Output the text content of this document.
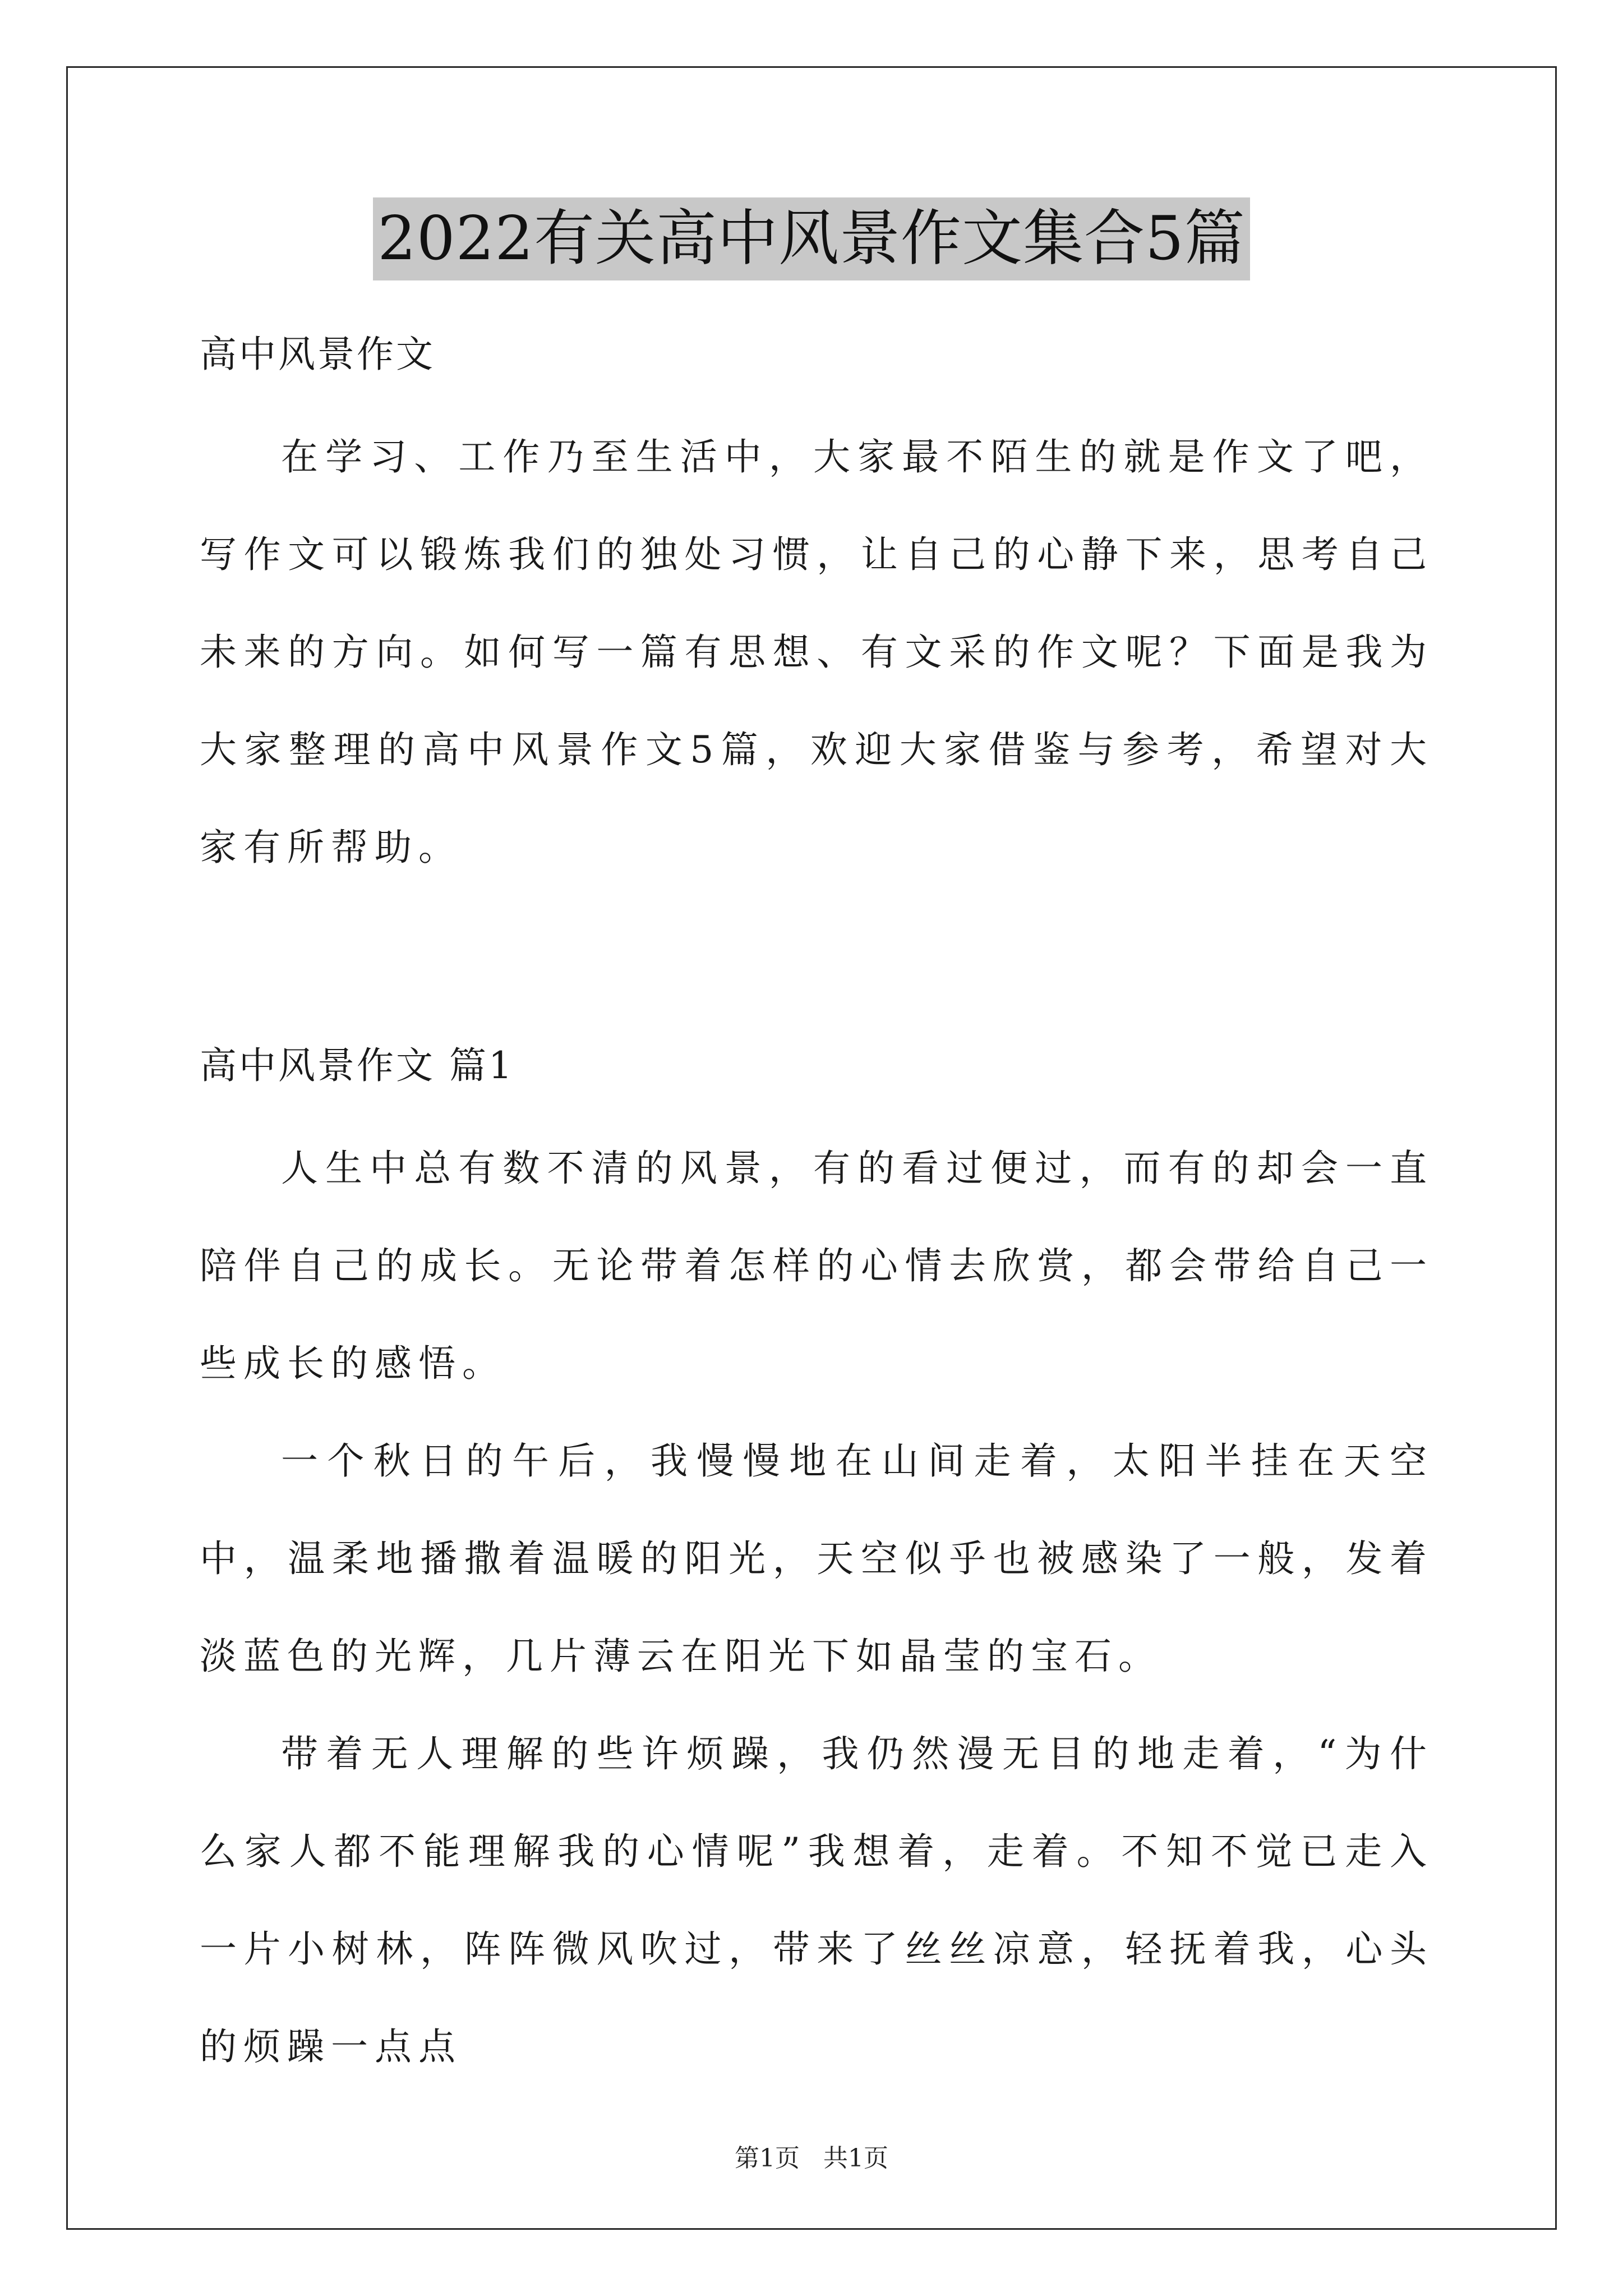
2022有关高中风景作文集合5篇
高中风景作文

在学习、工作乃至生活中，大家最不陌生的就是作文了吧，写作文可以锻炼我们的独处习惯，让自己的心静下来，思考自己未来的方向。如何写一篇有思想、有文采的作文呢？下面是我为大家整理的高中风景作文5篇，欢迎大家借鉴与参考，希望对大家有所帮助。

高中风景作文 篇1

人生中总有数不清的风景，有的看过便过，而有的却会一直陪伴自己的成长。无论带着怎样的心情去欣赏，都会带给自己一些成长的感悟。

一个秋日的午后，我慢慢地在山间走着，太阳半挂在天空中，温柔地播撒着温暖的阳光，天空似乎也被感染了一般，发着淡蓝色的光辉，几片薄云在阳光下如晶莹的宝石。

带着无人理解的些许烦躁，我仍然漫无目的地走着，“为什么家人都不能理解我的心情呢”我想着，走着。不知不觉已走入一片小树林，阵阵微风吹过，带来了丝丝凉意，轻抚着我，心头的烦躁一点点

第1页 共1页
